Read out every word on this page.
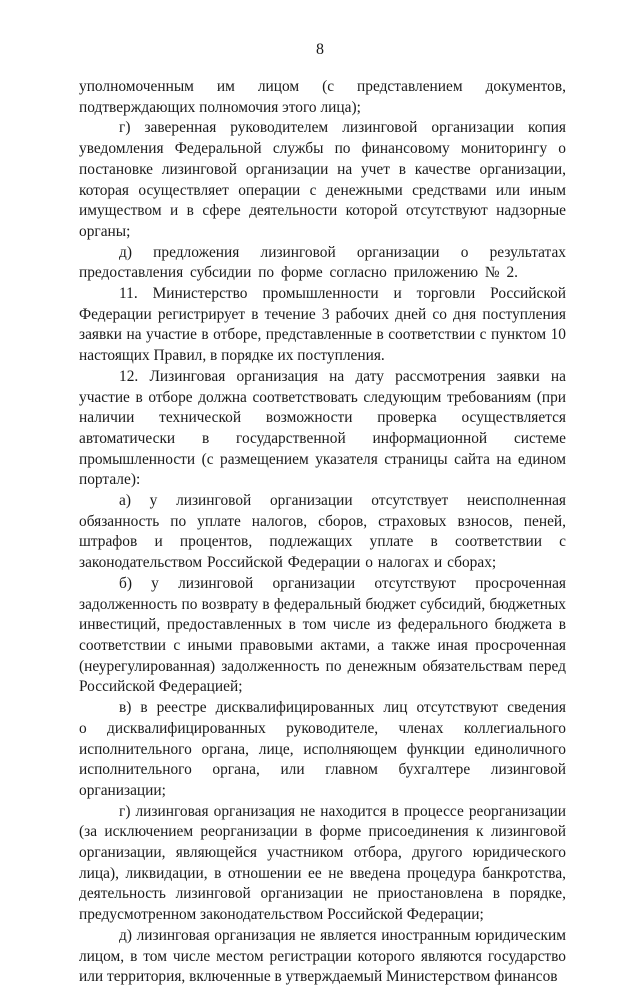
8

уполномоченным им лицом (с представлением документов, подтверждающих полномочия этого лица);

г) заверенная руководителем лизинговой организации копия уведомления Федеральной службы по финансовому мониторингу о постановке лизинговой организации на учет в качестве организации, которая осуществляет операции с денежными средствами или иным имуществом и в сфере деятельности которой отсутствуют надзорные органы;

д) предложения лизинговой организации о результатах предоставления субсидии по форме согласно приложению № 2.

11. Министерство промышленности и торговли Российской Федерации регистрирует в течение 3 рабочих дней со дня поступления заявки на участие в отборе, представленные в соответствии с пунктом 10 настоящих Правил, в порядке их поступления.

12. Лизинговая организация на дату рассмотрения заявки на участие в отборе должна соответствовать следующим требованиям (при наличии технической возможности проверка осуществляется автоматически в государственной информационной системе промышленности (с размещением указателя страницы сайта на едином портале):

а) у лизинговой организации отсутствует неисполненная обязанность по уплате налогов, сборов, страховых взносов, пеней, штрафов и процентов, подлежащих уплате в соответствии с законодательством Российской Федерации о налогах и сборах;

б) у лизинговой организации отсутствуют просроченная задолженность по возврату в федеральный бюджет субсидий, бюджетных инвестиций, предоставленных в том числе из федерального бюджета в соответствии с иными правовыми актами, а также иная просроченная (неурегулированная) задолженность по денежным обязательствам перед Российской Федерацией;

в) в реестре дисквалифицированных лиц отсутствуют сведения о дисквалифицированных руководителе, членах коллегиального исполнительного органа, лице, исполняющем функции единоличного исполнительного органа, или главном бухгалтере лизинговой организации;

г) лизинговая организация не находится в процессе реорганизации (за исключением реорганизации в форме присоединения к лизинговой организации, являющейся участником отбора, другого юридического лица), ликвидации, в отношении ее не введена процедура банкротства, деятельность лизинговой организации не приостановлена в порядке, предусмотренном законодательством Российской Федерации;

д) лизинговая организация не является иностранным юридическим лицом, в том числе местом регистрации которого являются государство или территория, включенные в утверждаемый Министерством финансов
